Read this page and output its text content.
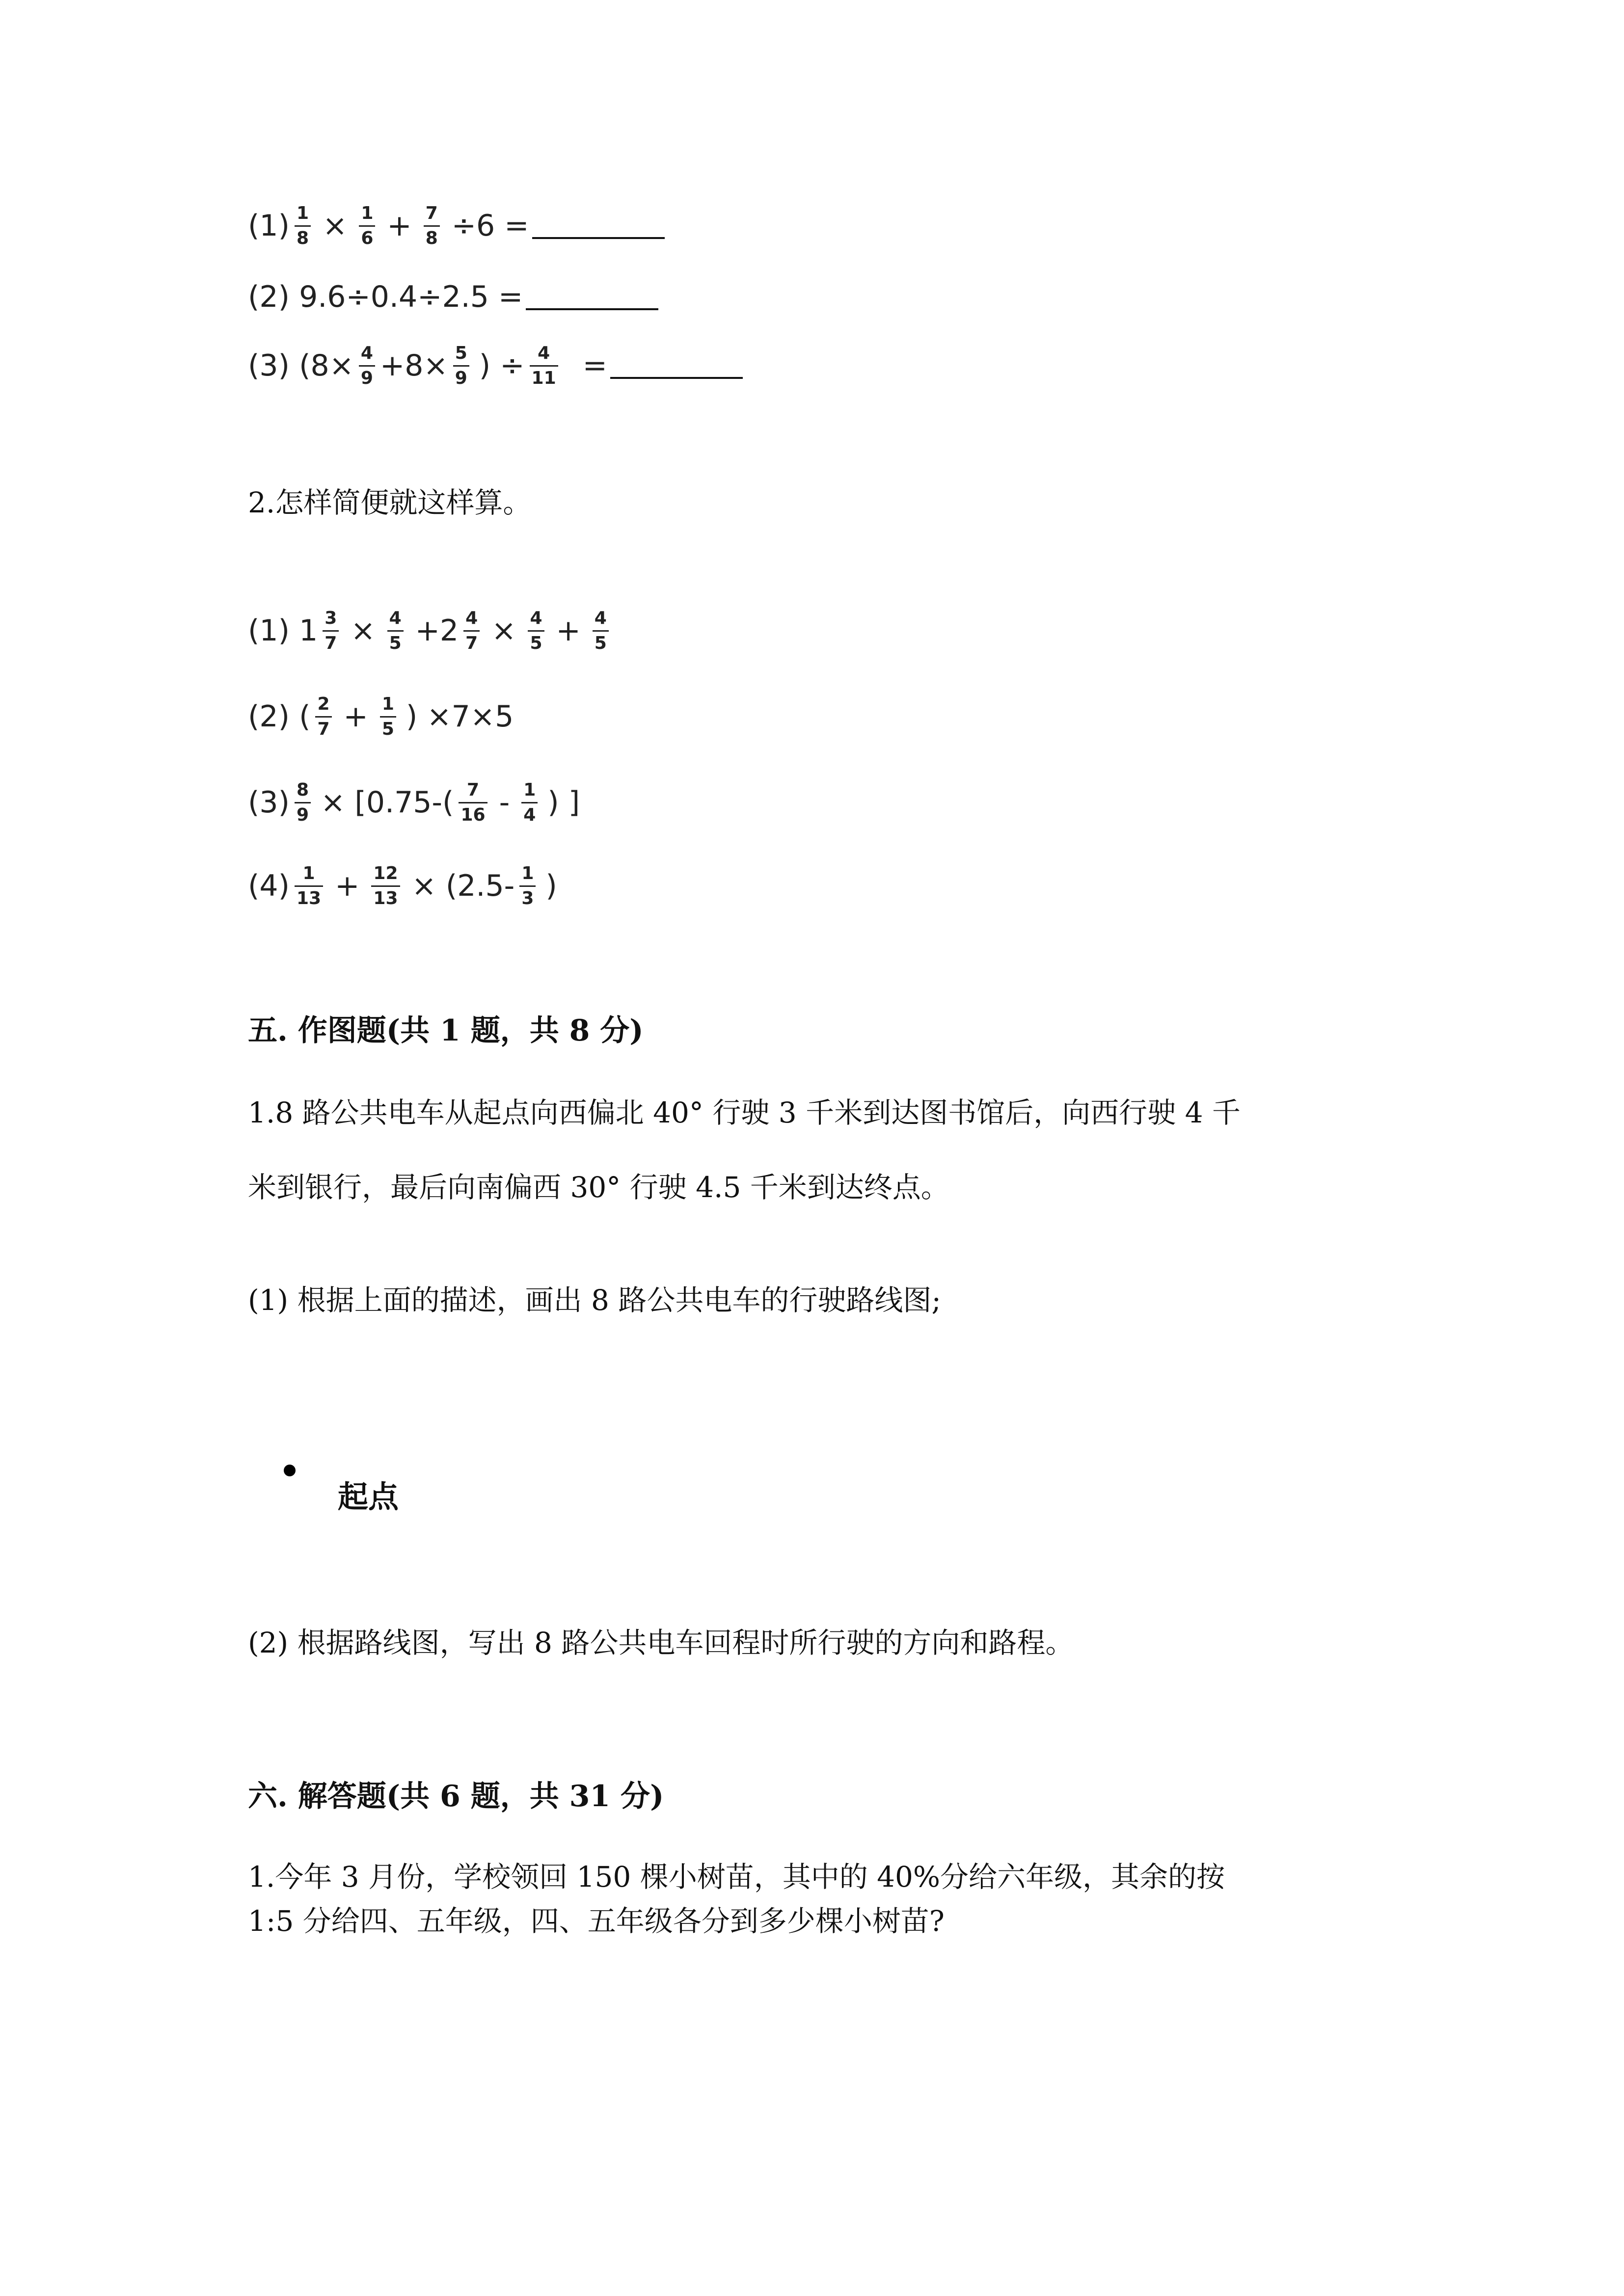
$(1) \frac{1}{8} \times \frac{1}{6} + \frac{7}{8} \div 6$ =
(2) 9.6÷0.4÷2.5 =
(3) ($8\times \frac{4}{9} +8\times \frac{5}{9}$ ) ÷ $\frac{4}{11}$ =
2.怎样简便就这样算。
(1) $1 \frac{3}{7} \times \frac{4}{5} +2 \frac{4}{7} \times \frac{4}{5} + \frac{4}{5}$
(2) ( $\frac{2}{7} + \frac{1}{5}$ ) ×7×5
$(3) \frac{8}{9} \times [0.75-( \frac{7}{16} - \frac{1}{4}$ ) ]
$(4) \frac{1}{13} + \frac{12}{13} \times (2.5- \frac{1}{3}$ )
五. 作图题(共 1 题，共 8 分)
1.8 路公共电车从起点向西偏北 40° 行驶 3 千米到达图书馆后，向西行驶 4 千
米到银行，最后向南偏西 30° 行驶 4.5 千米到达终点。
(1) 根据上面的描述，画出 8 路公共电车的行驶路线图;
起点
(2) 根据路线图，写出 8 路公共电车回程时所行驶的方向和路程。
六. 解答题(共 6 题，共 31 分)
1.今年 3 月份，学校领回 150 棵小树苗，其中的 40%分给六年级，其余的按
1:5 分给四、五年级，四、五年级各分到多少棵小树苗?
